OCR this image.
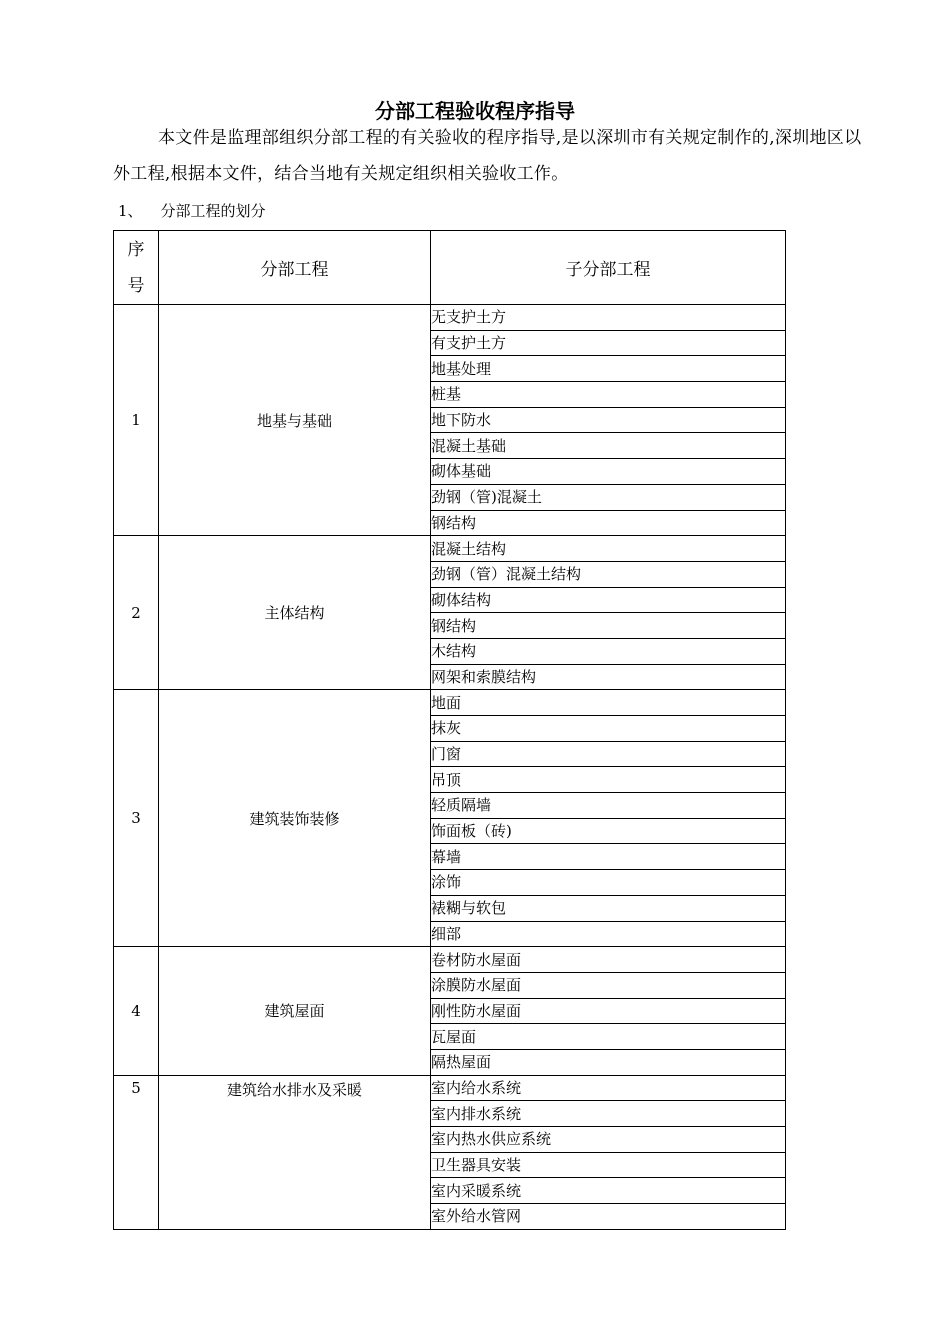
分部工程验收程序指导

本文件是监理部组织分部工程的有关验收的程序指导,是以深圳市有关规定制作的,深圳地区以外工程,根据本文件，结合当地有关规定组织相关验收工作。

1、 分部工程的划分

序
号	分部工程	子分部工程
1	地基与基础	无支护土方
		有支护土方
		地基处理
		桩基
		地下防水
		混凝土基础
		砌体基础
		劲钢（管)混凝土
		钢结构
2	主体结构	混凝土结构
		劲钢（管）混凝土结构
		砌体结构
		钢结构
		木结构
		网架和索膜结构
3	建筑装饰装修	地面
		抹灰
		门窗
		吊顶
		轻质隔墙
		饰面板（砖)
		幕墙
		涂饰
		裱糊与软包
		细部
4	建筑屋面	卷材防水屋面
		涂膜防水屋面
		刚性防水屋面
		瓦屋面
		隔热屋面
5	建筑给水排水及采暖	室内给水系统
		室内排水系统
		室内热水供应系统
		卫生器具安装
		室内采暖系统
		室外给水管网
